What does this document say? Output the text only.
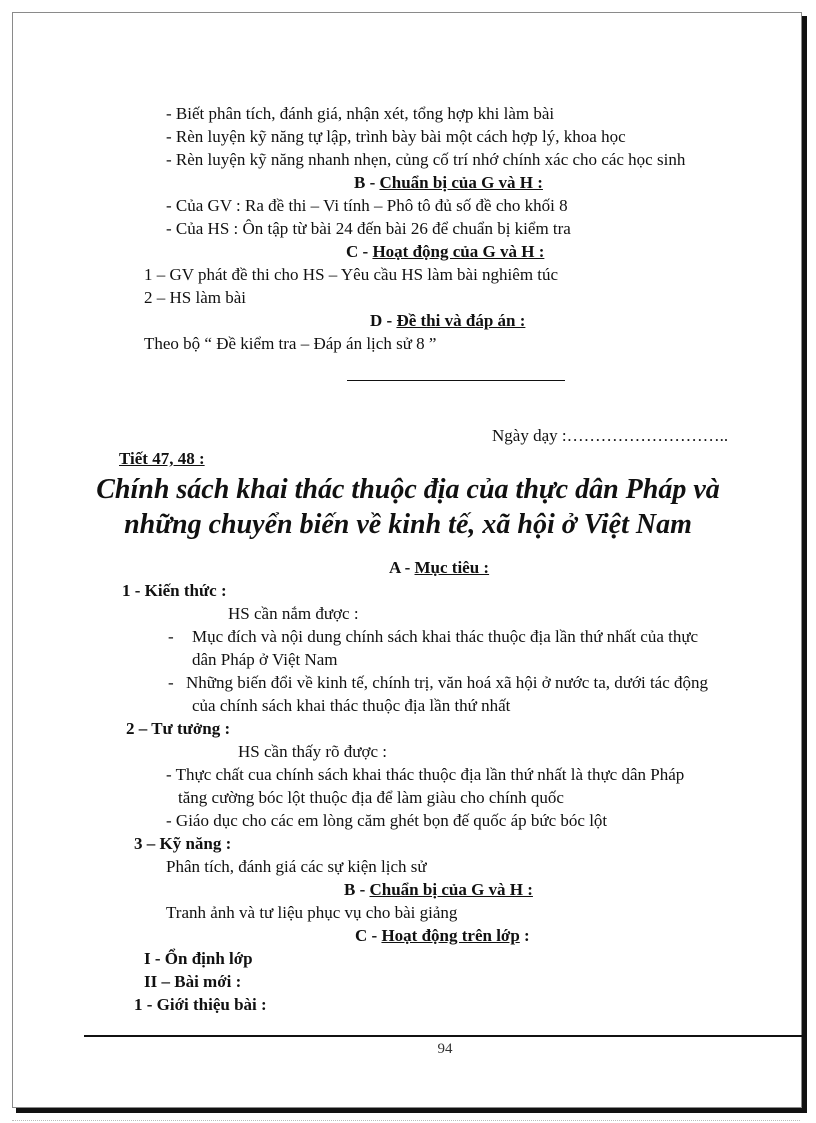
- Biết phân tích, đánh giá, nhận xét, tổng hợp khi làm bài
- Rèn luyện kỹ năng tự lập, trình bày bài một cách hợp lý, khoa học
- Rèn luyện kỹ năng nhanh nhẹn, củng cố trí nhớ chính xác cho các học sinh
B - Chuẩn bị của G và H :
- Của GV : Ra đề thi – Vi tính – Phô tô đủ số đề cho khối 8
- Của HS : Ôn tập từ bài 24 đến bài 26 để chuẩn bị kiểm tra
C - Hoạt động của G và H :
1 – GV phát đề thi cho HS – Yêu cầu HS làm bài nghiêm túc
2 – HS làm bài
D - Đề thi và đáp án :
Theo bộ “ Đề kiểm tra – Đáp án lịch sử 8 ”
Ngày dạy :………………………..
Tiết 47, 48 :
Chính sách khai thác thuộc địa của thực dân Pháp và
những chuyển biến về kinh tế, xã hội ở Việt Nam
A - Mục tiêu :
1 - Kiến thức :
HS cần nắm được :
- Mục đích và nội dung chính sách khai thác thuộc địa lần thứ nhất của thực
dân Pháp ở Việt Nam
- Những biến đổi về kinh tế, chính trị, văn hoá xã hội ở nước ta, dưới tác động
của chính sách khai thác thuộc địa lần thứ nhất
2 – Tư tưởng :
HS cần thấy rõ được :
- Thực chất cua chính sách khai thác thuộc địa lần thứ nhất là thực dân Pháp
tăng cường bóc lột thuộc địa để làm giàu cho chính quốc
- Giáo dục cho các em lòng căm ghét bọn đế quốc áp bức bóc lột
3 – Kỹ năng :
Phân tích, đánh giá các sự kiện lịch sử
B - Chuẩn bị của G và H :
Tranh ảnh và tư liệu phục vụ cho bài giảng
C - Hoạt động trên lớp :
I - Ổn định lớp
II – Bài mới :
1 - Giới thiệu bài :
94
